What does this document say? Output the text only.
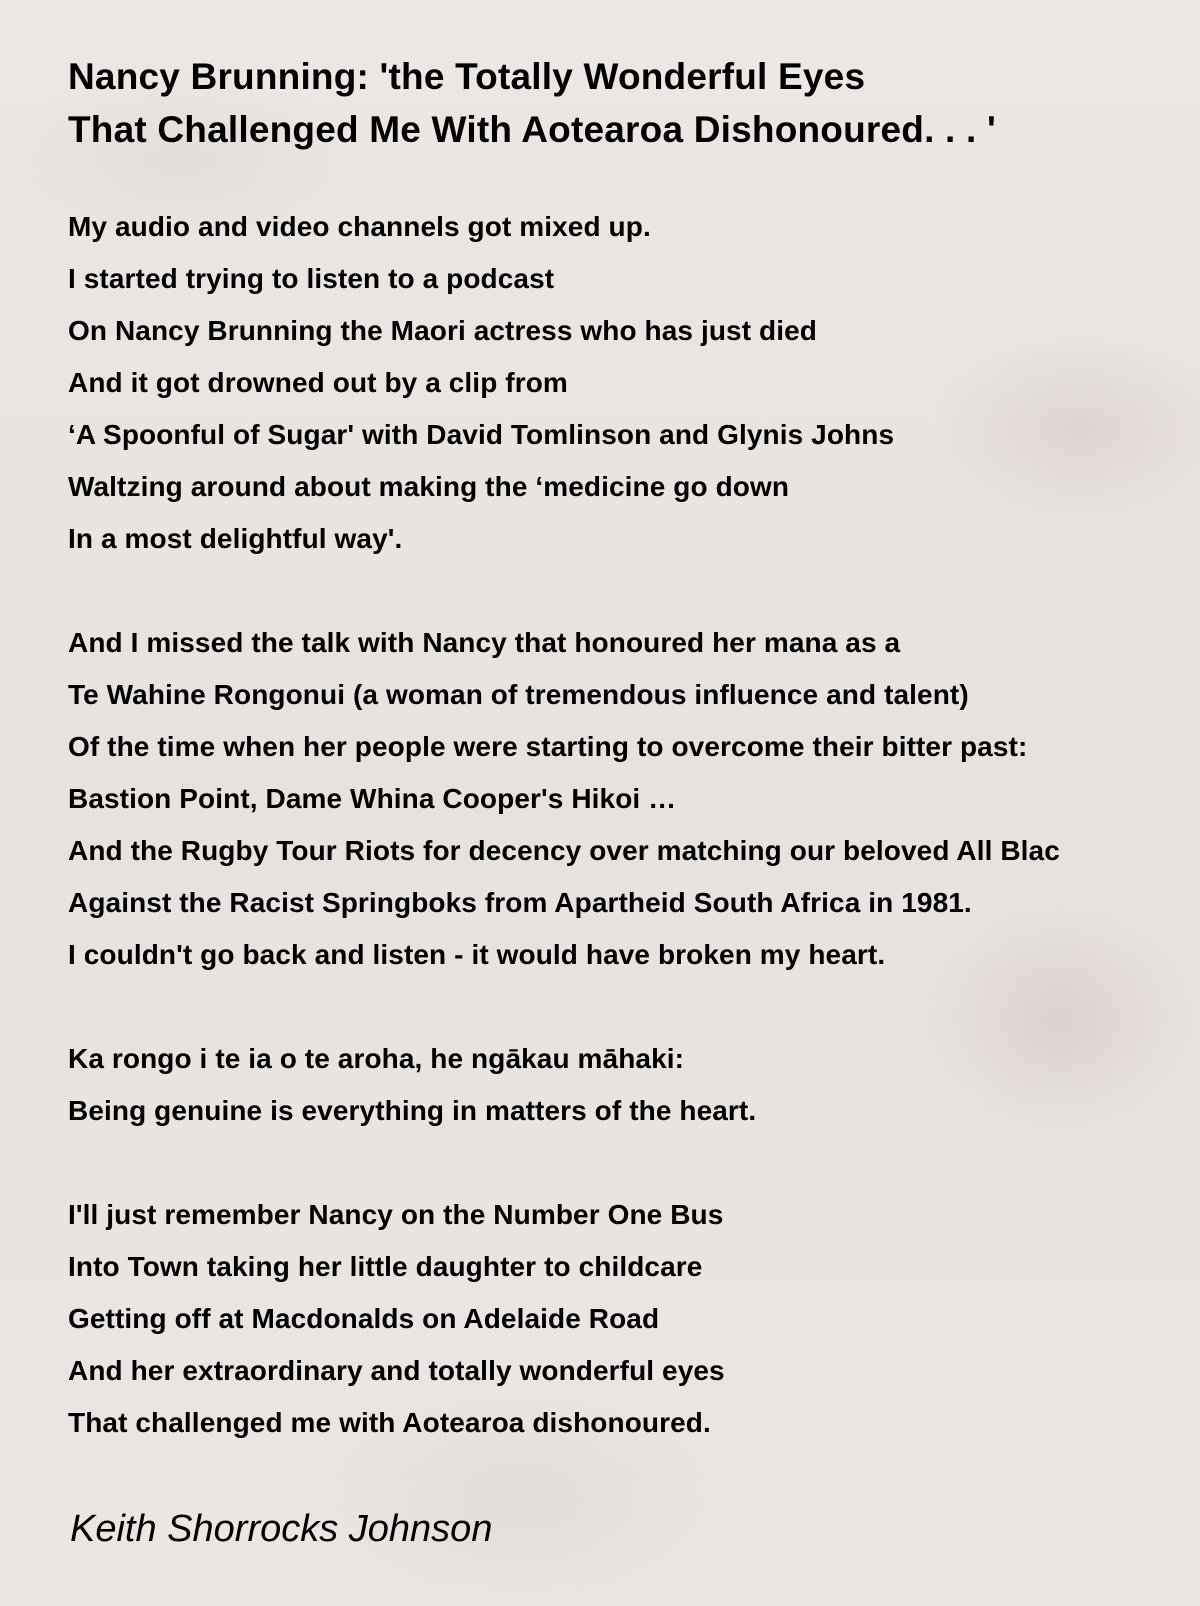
Nancy Brunning: 'the Totally Wonderful Eyes
That Challenged Me With Aotearoa Dishonoured. . . '
My audio and video channels got mixed up.
I started trying to listen to a podcast
On Nancy Brunning the Maori actress who has just died
And it got drowned out by a clip from
‘A Spoonful of Sugar' with David Tomlinson and Glynis Johns
Waltzing around about making the ‘medicine go down
In a most delightful way'.
And I missed the talk with Nancy that honoured her mana as a
Te Wahine Rongonui (a woman of tremendous influence and talent)
Of the time when her people were starting to overcome their bitter past:
Bastion Point, Dame Whina Cooper's Hikoi …
And the Rugby Tour Riots for decency over matching our beloved All Blac
Against the Racist Springboks from Apartheid South Africa in 1981.
I couldn't go back and listen - it would have broken my heart.
Ka rongo i te ia o te aroha, he ngākau māhaki:
Being genuine is everything in matters of the heart.
I'll just remember Nancy on the Number One Bus
Into Town taking her little daughter to childcare
Getting off at Macdonalds on Adelaide Road
And her extraordinary and totally wonderful eyes
That challenged me with Aotearoa dishonoured.

Keith Shorrocks Johnson
